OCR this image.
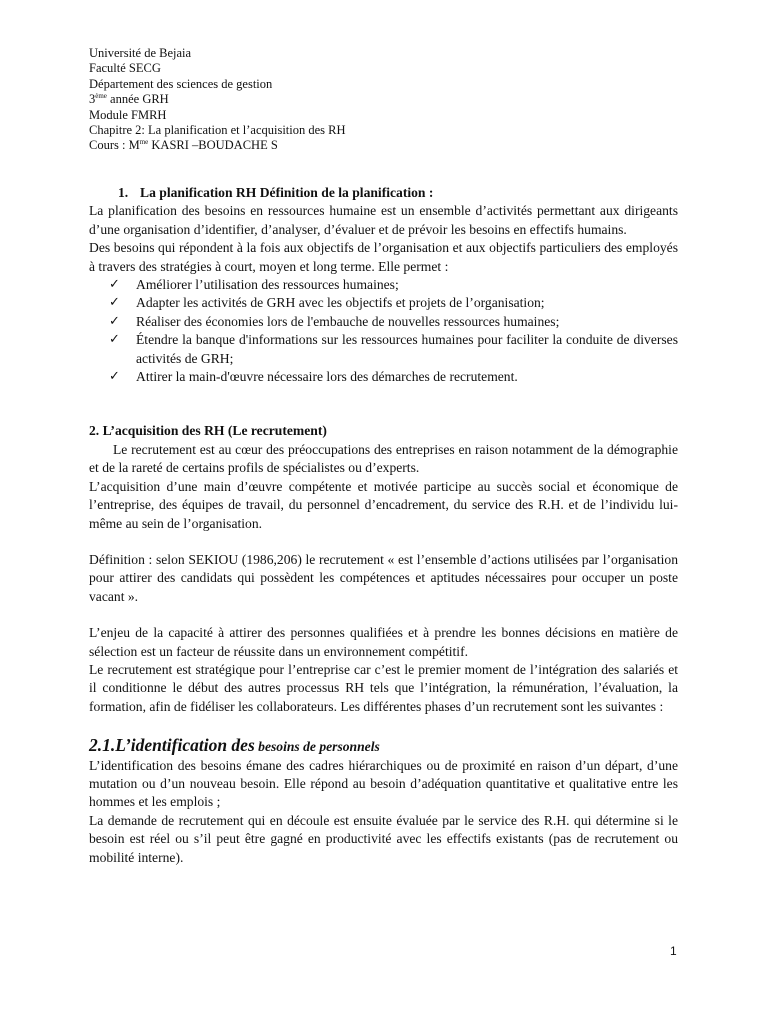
Université de Bejaia
Faculté SECG
Département des sciences de gestion
3ème année GRH
Module FMRH
Chapitre 2: La planification et l’acquisition des RH
Cours : $M^{me}$ KASRI –BOUDACHE S

1. La planification RH Définition de la planification :

La planification des besoins en ressources humaine est un ensemble d’activités permettant aux dirigeants d’une organisation d’identifier, d’analyser, d’évaluer et de prévoir les besoins en effectifs humains.

Des besoins qui répondent à la fois aux objectifs de l’organisation et aux objectifs particuliers des employés à travers des stratégies à court, moyen et long terme. Elle permet :

✓ Améliorer l’utilisation des ressources humaines;
✓ Adapter les activités de GRH avec les objectifs et projets de l’organisation;
✓ Réaliser des économies lors de l'embauche de nouvelles ressources humaines;
✓ Étendre la banque d'informations sur les ressources humaines pour faciliter la conduite de diverses activités de GRH;
✓ Attirer la main-d'œuvre nécessaire lors des démarches de recrutement.

2. L’acquisition des RH (Le recrutement)

Le recrutement est au cœur des préoccupations des entreprises en raison notamment de la démographie et de la rareté de certains profils de spécialistes ou d’experts.

L’acquisition d’une main d’œuvre compétente et motivée participe au succès social et économique de l’entreprise, des équipes de travail, du personnel d’encadrement, du service des R.H. et de l’individu lui-même au sein de l’organisation.

Définition : selon SEKIOU (1986,206) le recrutement « est l’ensemble d’actions utilisées par l’organisation pour attirer des candidats qui possèdent les compétences et aptitudes nécessaires pour occuper un poste vacant ».

L’enjeu de la capacité à attirer des personnes qualifiées et à prendre les bonnes décisions en matière de sélection est un facteur de réussite dans un environnement compétitif.

Le recrutement est stratégique pour l’entreprise car c’est le premier moment de l’intégration des salariés et il conditionne le début des autres processus RH tels que l’intégration, la rémunération, l’évaluation, la formation, afin de fidéliser les collaborateurs. Les différentes phases d’un recrutement sont les suivantes :

2.1.L’identification des besoins de personnels

L’identification des besoins émane des cadres hiérarchiques ou de proximité en raison d’un départ, d’une mutation ou d’un nouveau besoin. Elle répond au besoin d’adéquation quantitative et qualitative entre les hommes et les emplois ;

La demande de recrutement qui en découle est ensuite évaluée par le service des R.H. qui détermine si le besoin est réel ou s’il peut être gagné en productivité avec les effectifs existants (pas de recrutement ou mobilité interne).

1
